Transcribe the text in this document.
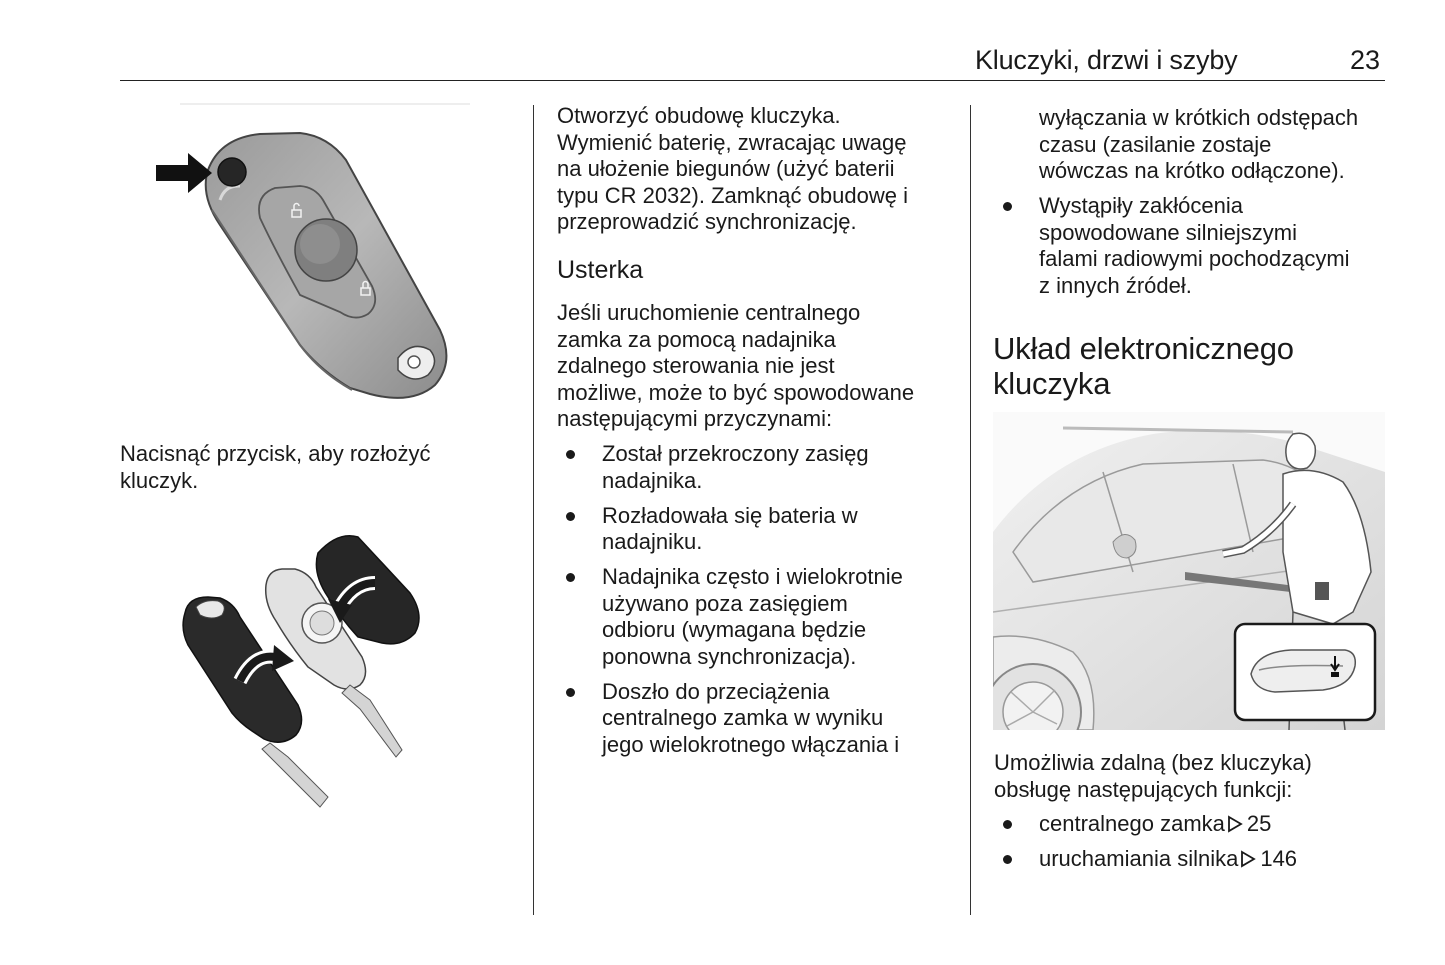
Kluczyki, drzwi i szyby	23

Nacisnąć przycisk, aby rozłożyć kluczyk.

Otworzyć obudowę kluczyka.
Wymienić baterię, zwracając uwagę
na ułożenie biegunów (użyć baterii
typu CR 2032). Zamknąć obudowę i
przeprowadzić synchronizację.

Usterka

Jeśli uruchomienie centralnego
zamka za pomocą nadajnika
zdalnego sterowania nie jest
możliwe, może to być spowodowane
następującymi przyczynami:

Został przekroczony zasięg
nadajnika.
Rozładowała się bateria w
nadajniku.
Nadajnika często i wielokrotnie
używano poza zasięgiem
odbioru (wymagana będzie
ponowna synchronizacja).
Doszło do przeciążenia
centralnego zamka w wyniku
jego wielokrotnego włączania i

wyłączania w krótkich odstępach
czasu (zasilanie zostaje
wówczas na krótko odłączone).

Wystąpiły zakłócenia
spowodowane silniejszymi
falami radiowymi pochodzącymi
z innych źródeł.
Układ elektronicznego
kluczyka

Umożliwia zdalną (bez kluczyka)
obsługę następujących funkcji:

centralnego zamka 25
uruchamiania silnika 146
